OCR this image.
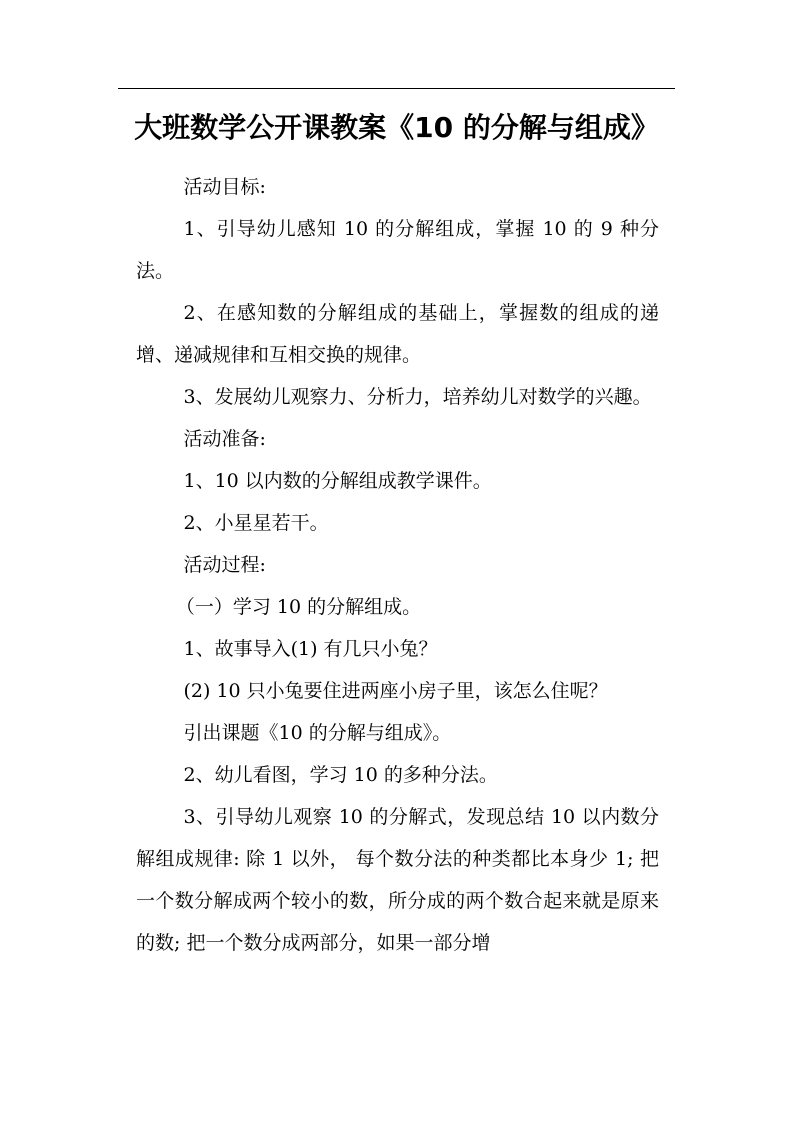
大班数学公开课教案《10 的分解与组成》

活动目标:

1、引导幼儿感知 10 的分解组成，掌握 10 的 9 种分法。

2、在感知数的分解组成的基础上，掌握数的组成的递增、递减规律和互相交换的规律。

3、发展幼儿观察力、分析力，培养幼儿对数学的兴趣。

活动准备:

1、10 以内数的分解组成教学课件。

2、小星星若干。

活动过程:

（一）学习 10 的分解组成。

1、故事导入(1) 有几只小兔？

(2) 10 只小兔要住进两座小房子里，该怎么住呢？

引出课题《10 的分解与组成》。

2、幼儿看图，学习 10 的多种分法。

3、引导幼儿观察 10 的分解式，发现总结 10 以内数分解组成规律: 除 1 以外， 每个数分法的种类都比本身少 1; 把一个数分解成两个较小的数，所分成的两个数合起来就是原来的数; 把一个数分成两部分，如果一部分增
